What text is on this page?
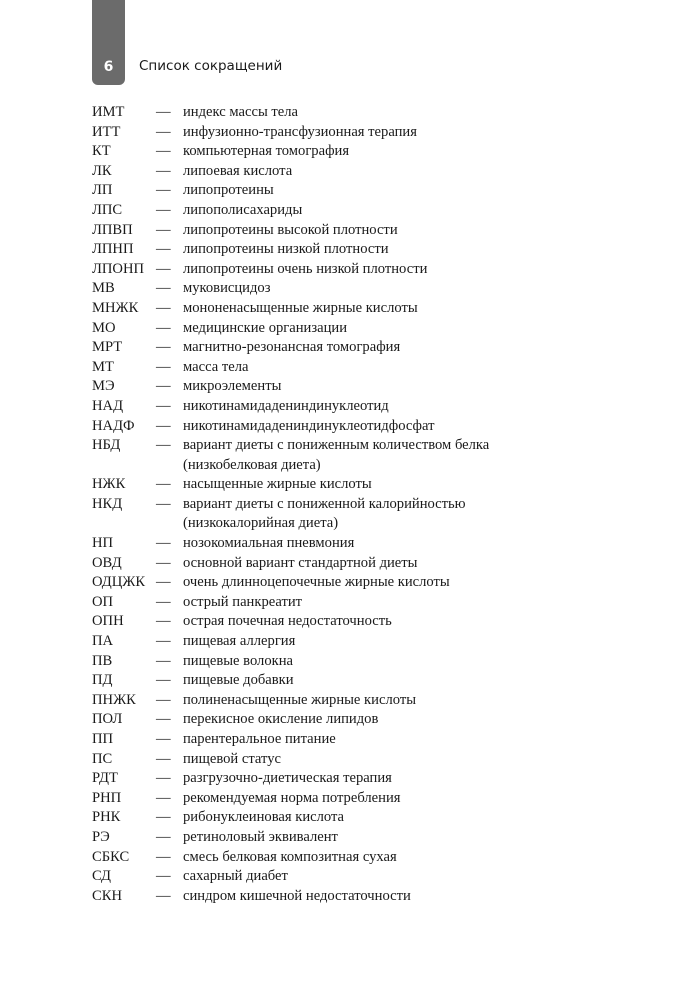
6 Список сокращений
ИМТ	— индекс массы тела
ИТТ	— инфузионно-трансфузионная терапия
КТ	— компьютерная томография
ЛК	— липоевая кислота
ЛП	— липопротеины
ЛПС	— липополисахариды
ЛПВП	— липопротеины высокой плотности
ЛПНП	— липопротеины низкой плотности
ЛПОНП — липопротеины очень низкой плотности
МВ	— муковисцидоз
МНЖК	— мононенасыщенные жирные кислоты
МО	— медицинские организации
МРТ	— магнитно-резонансная томография
МТ	— масса тела
МЭ	— микроэлементы
НАД	— никотинамидадениндинуклеотид
НАДФ	— никотинамидадениндинуклеотидфосфат
НБД	— вариант диеты с пониженным количеством белка (низкобелковая диета)
НЖК	— насыщенные жирные кислоты
НКД	— вариант диеты с пониженной калорийностью (низкокалорийная диета)
НП	— нозокомиальная пневмония
ОВД	— основной вариант стандартной диеты
ОДЦЖК — очень длинноцепочечные жирные кислоты
ОП	— острый панкреатит
ОПН	— острая почечная недостаточность
ПА	— пищевая аллергия
ПВ	— пищевые волокна
ПД	— пищевые добавки
ПНЖК	— полиненасыщенные жирные кислоты
ПОЛ	— перекисное окисление липидов
ПП	— парентеральное питание
ПС	— пищевой статус
РДТ	— разгрузочно-диетическая терапия
РНП	— рекомендуемая норма потребления
РНК	— рибонуклеиновая кислота
РЭ	— ретиноловый эквивалент
СБКС	— смесь белковая композитная сухая
СД	— сахарный диабет
СКН	— синдром кишечной недостаточности
